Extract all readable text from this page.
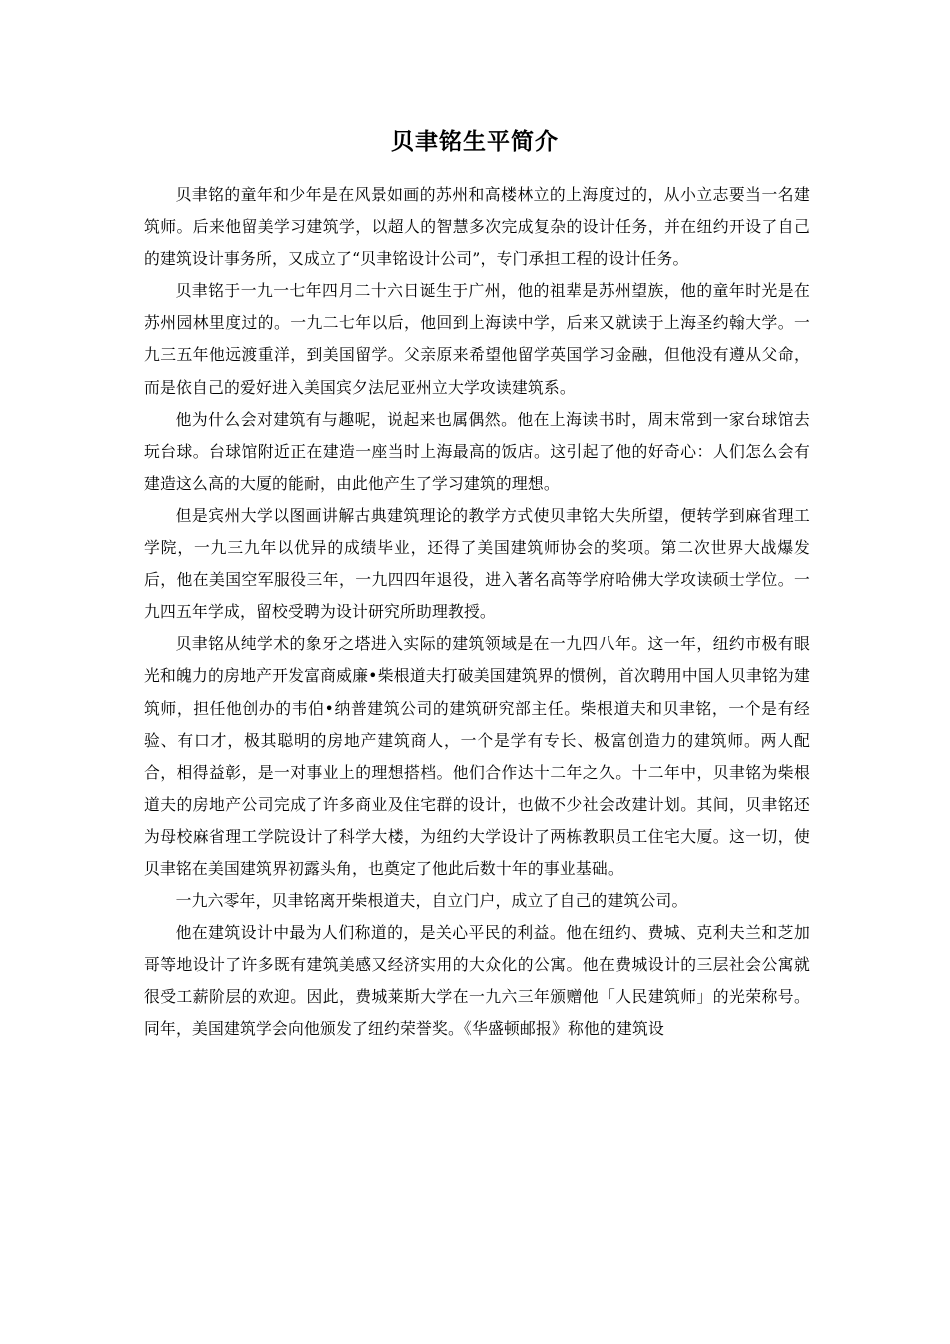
贝聿铭生平简介

贝聿铭的童年和少年是在风景如画的苏州和高楼林立的上海度过的，从小立志要当一名建筑师。后来他留美学习建筑学，以超人的智慧多次完成复杂的设计任务，并在纽约开设了自己的建筑设计事务所，又成立了“贝聿铭设计公司”，专门承担工程的设计任务。

贝聿铭于一九一七年四月二十六日诞生于广州，他的祖辈是苏州望族，他的童年时光是在苏州园林里度过的。一九二七年以后，他回到上海读中学，后来又就读于上海圣约翰大学。一九三五年他远渡重洋，到美国留学。父亲原来希望他留学英国学习金融，但他没有遵从父命，而是依自己的爱好进入美国宾夕法尼亚州立大学攻读建筑系。

他为什么会对建筑有与趣呢，说起来也属偶然。他在上海读书时，周末常到一家台球馆去玩台球。台球馆附近正在建造一座当时上海最高的饭店。这引起了他的好奇心：人们怎么会有建造这么高的大厦的能耐，由此他产生了学习建筑的理想。

但是宾州大学以图画讲解古典建筑理论的教学方式使贝聿铭大失所望，便转学到麻省理工学院，一九三九年以优异的成绩毕业，还得了美国建筑师协会的奖项。第二次世界大战爆发后，他在美国空军服役三年，一九四四年退役，进入著名高等学府哈佛大学攻读硕士学位。一九四五年学成，留校受聘为设计研究所助理教授。

贝聿铭从纯学术的象牙之塔进入实际的建筑领域是在一九四八年。这一年，纽约市极有眼光和魄力的房地产开发富商威廉•柴根道夫打破美国建筑界的惯例，首次聘用中国人贝聿铭为建筑师，担任他创办的韦伯•纳普建筑公司的建筑研究部主任。柴根道夫和贝聿铭，一个是有经验、有口才，极其聪明的房地产建筑商人，一个是学有专长、极富创造力的建筑师。两人配合，相得益彰，是一对事业上的理想搭档。他们合作达十二年之久。十二年中，贝聿铭为柴根道夫的房地产公司完成了许多商业及住宅群的设计，也做不少社会改建计划。其间，贝聿铭还为母校麻省理工学院设计了科学大楼，为纽约大学设计了两栋教职员工住宅大厦。这一切，使贝聿铭在美国建筑界初露头角，也奠定了他此后数十年的事业基础。

一九六零年，贝聿铭离开柴根道夫，自立门户，成立了自己的建筑公司。

他在建筑设计中最为人们称道的，是关心平民的利益。他在纽约、费城、克利夫兰和芝加哥等地设计了许多既有建筑美感又经济实用的大众化的公寓。他在费城设计的三层社会公寓就很受工薪阶层的欢迎。因此，费城莱斯大学在一九六三年颁赠他「人民建筑师」的光荣称号。同年，美国建筑学会向他颁发了纽约荣誉奖。《华盛顿邮报》称他的建筑设
